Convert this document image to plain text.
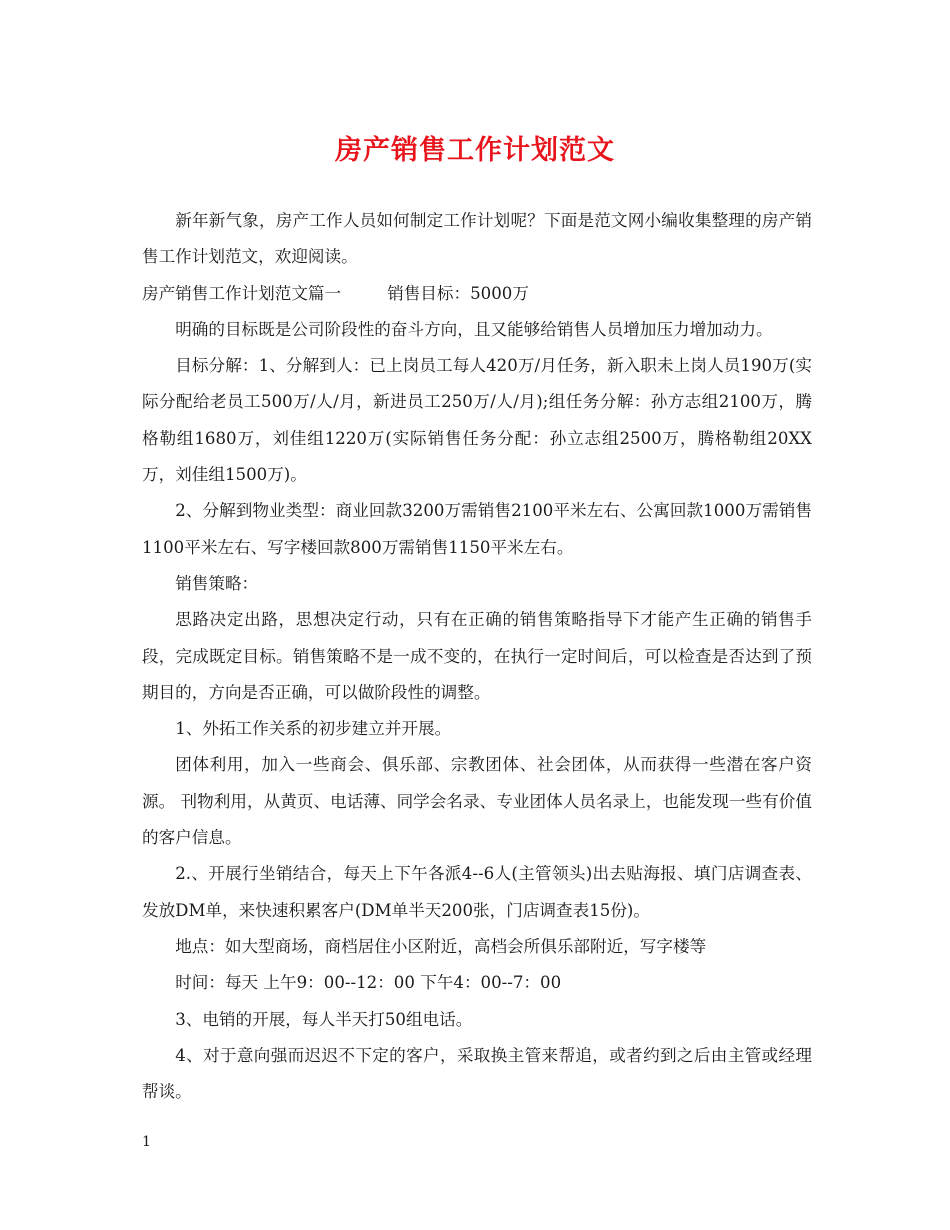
房产销售工作计划范文

新年新气象，房产工作人员如何制定工作计划呢？下面是范文网小编收集整理的房产销售工作计划范文，欢迎阅读。

房产销售工作计划范文篇一	销售目标：5000万

明确的目标既是公司阶段性的奋斗方向，且又能够给销售人员增加压力增加动力。

目标分解：1、分解到人：已上岗员工每人420万/月任务，新入职未上岗人员190万(实际分配给老员工500万/人/月，新进员工250万/人/月);组任务分解：孙方志组2100万，腾格勒组1680万，刘佳组1220万(实际销售任务分配：孙立志组2500万，腾格勒组20XX万，刘佳组1500万)。

2、分解到物业类型：商业回款3200万需销售2100平米左右、公寓回款1000万需销售1100平米左右、写字楼回款800万需销售1150平米左右。

销售策略：

思路决定出路，思想决定行动，只有在正确的销售策略指导下才能产生正确的销售手段，完成既定目标。销售策略不是一成不变的，在执行一定时间后，可以检查是否达到了预期目的，方向是否正确，可以做阶段性的调整。

1、外拓工作关系的初步建立并开展。

团体利用，加入一些商会、俱乐部、宗教团体、社会团体，从而获得一些潜在客户资源。 刊物利用，从黄页、电话薄、同学会名录、专业团体人员名录上，也能发现一些有价值的客户信息。

2.、开展行坐销结合，每天上下午各派4--6人(主管领头)出去贴海报、填门店调查表、发放DM单，来快速积累客户(DM单半天200张，门店调查表15份)。

地点：如大型商场，商档居住小区附近，高档会所俱乐部附近，写字楼等

时间：每天 上午9：00--12：00 下午4：00--7：00

3、电销的开展，每人半天打50组电话。

4、对于意向强而迟迟不下定的客户，采取换主管来帮追，或者约到之后由主管或经理帮谈。

1
